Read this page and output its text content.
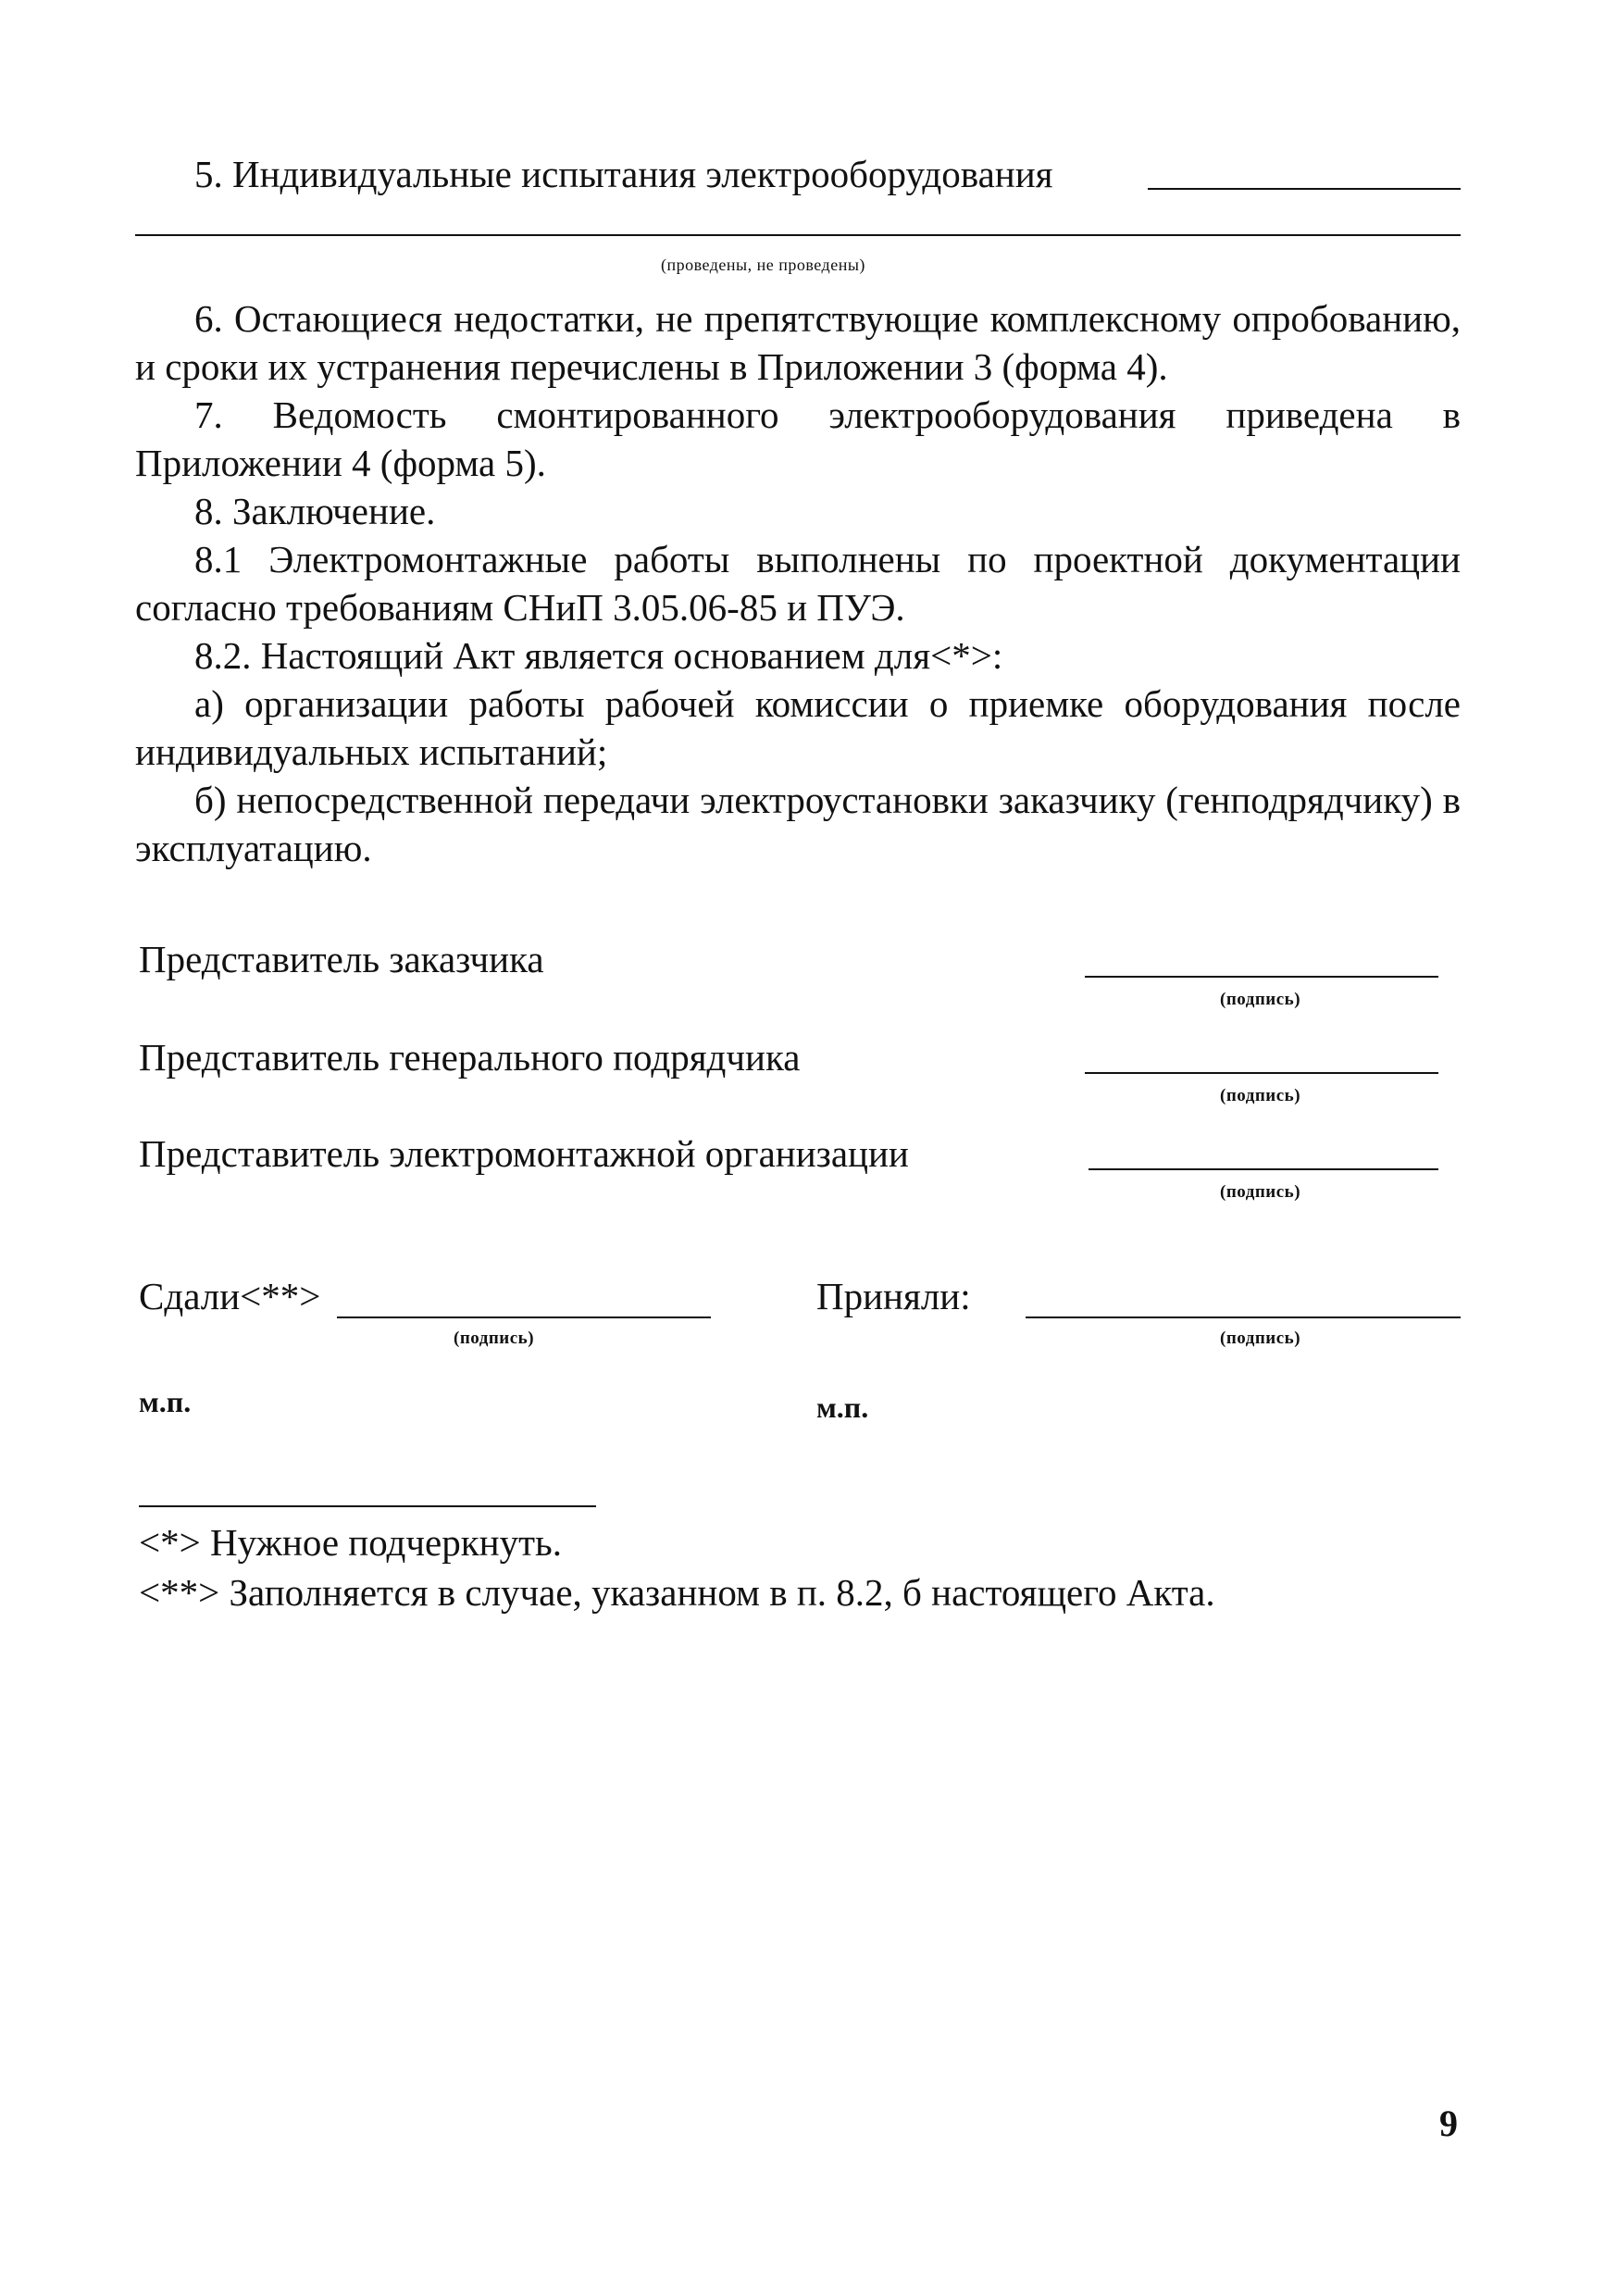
5. Индивидуальные испытания электрооборудования
(проведены, не проведены)
6. Остающиеся недостатки, не препятствующие комплексному опробованию, и сроки их устранения перечислены в Приложении 3 (форма 4).
7. Ведомость смонтированного электрооборудования приведена в Приложении 4 (форма 5).
8. Заключение.
8.1 Электромонтажные работы выполнены по проектной документации согласно требованиям СНиП 3.05.06-85 и ПУЭ.
8.2. Настоящий Акт является основанием для<*>:
а) организации работы рабочей комиссии о приемке оборудования после индивидуальных испытаний;
б) непосредственной передачи электроустановки заказчику (генподрядчику) в эксплуатацию.
Представитель заказчика
(подпись)
Представитель генерального подрядчика
(подпись)
Представитель электромонтажной организации
(подпись)
Сдали<**>
(подпись)
м.п.
Приняли:
(подпись)
м.п.
<*> Нужное подчеркнуть.
<**> Заполняется в случае, указанном в п. 8.2, б настоящего Акта.
9
